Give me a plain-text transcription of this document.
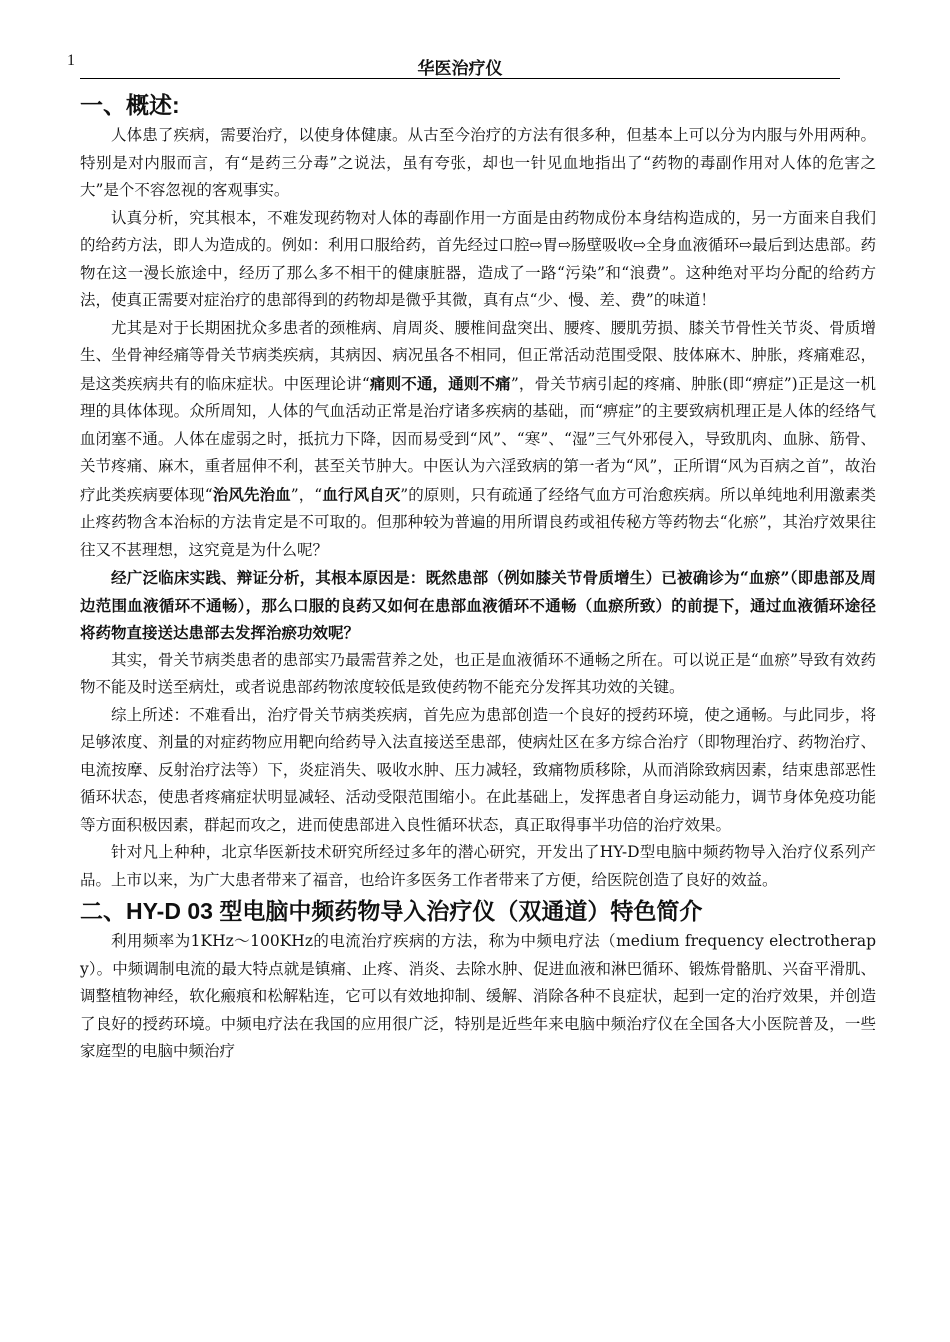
1	华医治疗仪
一、概述:

人体患了疾病，需要治疗，以使身体健康。从古至今治疗的方法有很多种，但基本上可以分为内服与外用两种。特别是对内服而言，有“是药三分毒”之说法，虽有夸张，却也一针见血地指出了“药物的毒副作用对人体的危害之大”是个不容忽视的客观事实。

认真分析，究其根本，不难发现药物对人体的毒副作用一方面是由药物成份本身结构造成的，另一方面来自我们的给药方法，即人为造成的。例如：利用口服给药，首先经过口腔⇨胃⇨肠壁吸收⇨全身血液循环⇨最后到达患部。药物在这一漫长旅途中，经历了那么多不相干的健康脏器，造成了一路“污染”和“浪费”。这种绝对平均分配的给药方法，使真正需要对症治疗的患部得到的药物却是微乎其微，真有点“少、慢、差、费”的味道！

尤其是对于长期困扰众多患者的颈椎病、肩周炎、腰椎间盘突出、腰疼、腰肌劳损、膝关节骨性关节炎、骨质增生、坐骨神经痛等骨关节病类疾病，其病因、病况虽各不相同，但正常活动范围受限、肢体麻木、肿胀，疼痛难忍，是这类疾病共有的临床症状。中医理论讲“痛则不通，通则不痛”，骨关节病引起的疼痛、肿胀(即“痹症”)正是这一机理的具体体现。众所周知，人体的气血活动正常是治疗诸多疾病的基础，而“痹症”的主要致病机理正是人体的经络气血闭塞不通。人体在虚弱之时，抵抗力下降，因而易受到“风”、“寒”、“湿”三气外邪侵入，导致肌肉、血脉、筋骨、关节疼痛、麻木，重者屈伸不利，甚至关节肿大。中医认为六淫致病的第一者为“风”，正所谓“风为百病之首”，故治疗此类疾病要体现“治风先治血”，“血行风自灭”的原则，只有疏通了经络气血方可治愈疾病。所以单纯地利用激素类止疼药物含本治标的方法肯定是不可取的。但那种较为普遍的用所谓良药或祖传秘方等药物去“化瘀”，其治疗效果往往又不甚理想，这究竟是为什么呢？

经广泛临床实践、辩证分析，其根本原因是：既然患部（例如膝关节骨质增生）已被确诊为“血瘀”（即患部及周边范围血液循环不通畅），那么口服的良药又如何在患部血液循环不通畅（血瘀所致）的前提下，通过血液循环途径将药物直接送达患部去发挥治瘀功效呢？

其实，骨关节病类患者的患部实乃最需营养之处，也正是血液循环不通畅之所在。可以说正是“血瘀”导致有效药物不能及时送至病灶，或者说患部药物浓度较低是致使药物不能充分发挥其功效的关键。

综上所述：不难看出，治疗骨关节病类疾病，首先应为患部创造一个良好的授药环境，使之通畅。与此同步，将足够浓度、剂量的对症药物应用靶向给药导入法直接送至患部，使病灶区在多方综合治疗（即物理治疗、药物治疗、电流按摩、反射治疗法等）下，炎症消失、吸收水肿、压力减轻，致痛物质移除，从而消除致病因素，结束患部恶性循环状态，使患者疼痛症状明显减轻、活动受限范围缩小。在此基础上，发挥患者自身运动能力，调节身体免疫功能等方面积极因素，群起而攻之，进而使患部进入良性循环状态，真正取得事半功倍的治疗效果。

针对凡上种种，北京华医新技术研究所经过多年的潜心研究，开发出了HY-D型电脑中频药物导入治疗仪系列产品。上市以来，为广大患者带来了福音，也给许多医务工作者带来了方便，给医院创造了良好的效益。

二、HY-D 03 型电脑中频药物导入治疗仪（双通道）特色简介

利用频率为1KHz～100KHz的电流治疗疾病的方法，称为中频电疗法（medium frequency electrotherapy）。中频调制电流的最大特点就是镇痛、止疼、消炎、去除水肿、促进血液和淋巴循环、锻炼骨骼肌、兴奋平滑肌、调整植物神经，软化瘢痕和松解粘连，它可以有效地抑制、缓解、消除各种不良症状，起到一定的治疗效果，并创造了良好的授药环境。中频电疗法在我国的应用很广泛，特别是近些年来电脑中频治疗仪在全国各大小医院普及，一些家庭型的电脑中频治疗
